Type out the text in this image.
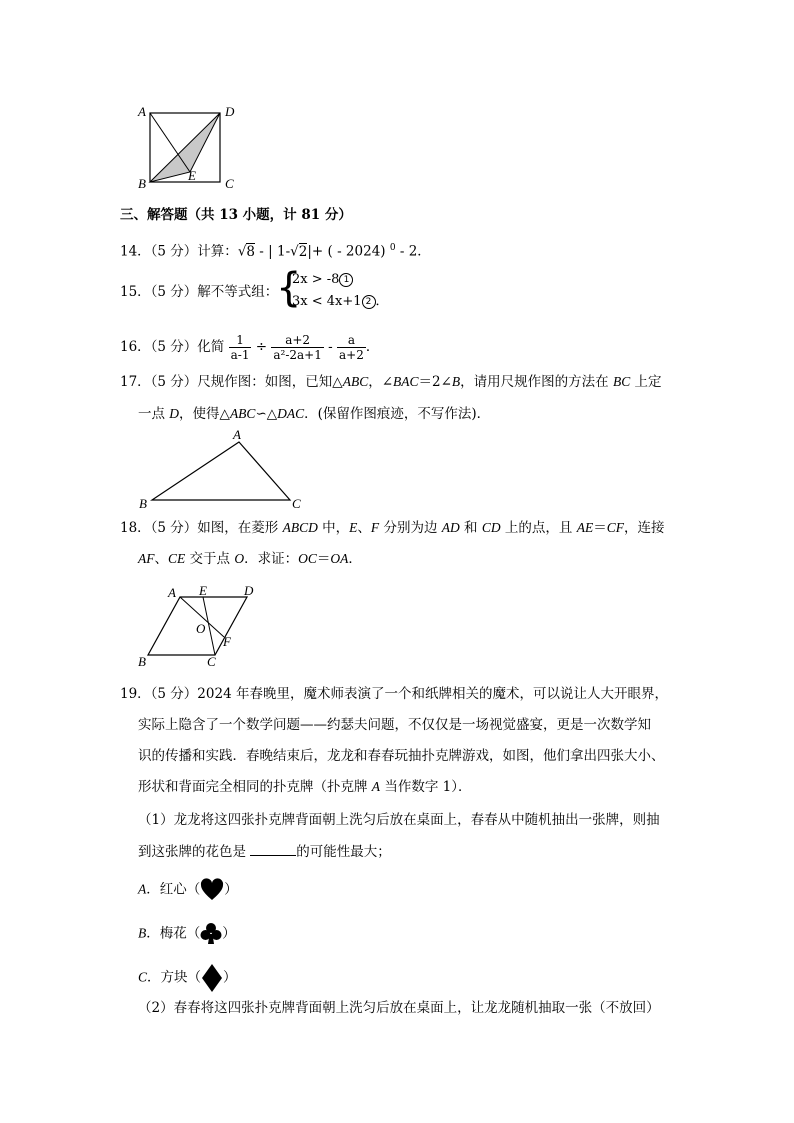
A	D
B
E
C
三、解答题（共 13 小题，计 81 分）
14．（5 分）计算：√8 - | 1-√2|+ ( - 2024) $^0$ - 2．
15．（5 分）解不等式组：
{
2x > -8 1
3x < 4x+1 2 ．
16．（5 分）化简 $\frac{1}{a-1} \div \frac{a+2}{\text{a²-2a+1}} - \frac{a}{a+2}$ ．
17．（5 分）尺规作图：如图，已知△ABC，∠BAC＝2∠B，请用尺规作图的方法在 BC 上定
一点 D，使得△ABC∽△DAC．(保留作图痕迹，不写作法)．
A
B	C
18．（5 分）如图，在菱形 ABCD 中，E、F 分别为边 AD 和 CD 上的点，且 AE＝CF，连接
AF、CE 交于点 O．求证：OC＝OA．
A E	D
O
F
B	C
19．（5 分）2024 年春晚里，魔术师表演了一个和纸牌相关的魔术，可以说让人大开眼界，
实际上隐含了一个数学问题——约瑟夫问题，不仅仅是一场视觉盛宴，更是一次数学知
识的传播和实践．春晚结束后，龙龙和春春玩抽扑克牌游戏，如图，他们拿出四张大小、
形状和背面完全相同的扑克牌（扑克牌 A 当作数字 1）．
（1）龙龙将这四张扑克牌背面朝上洗匀后放在桌面上，春春从中随机抽出一张牌，则抽
到这张牌的花色是	的可能性最大；
A．红心（ ）
B．梅花（ ）
C．方块（ ）
（2）春春将这四张扑克牌背面朝上洗匀后放在桌面上，让龙龙随机抽取一张（不放回）
